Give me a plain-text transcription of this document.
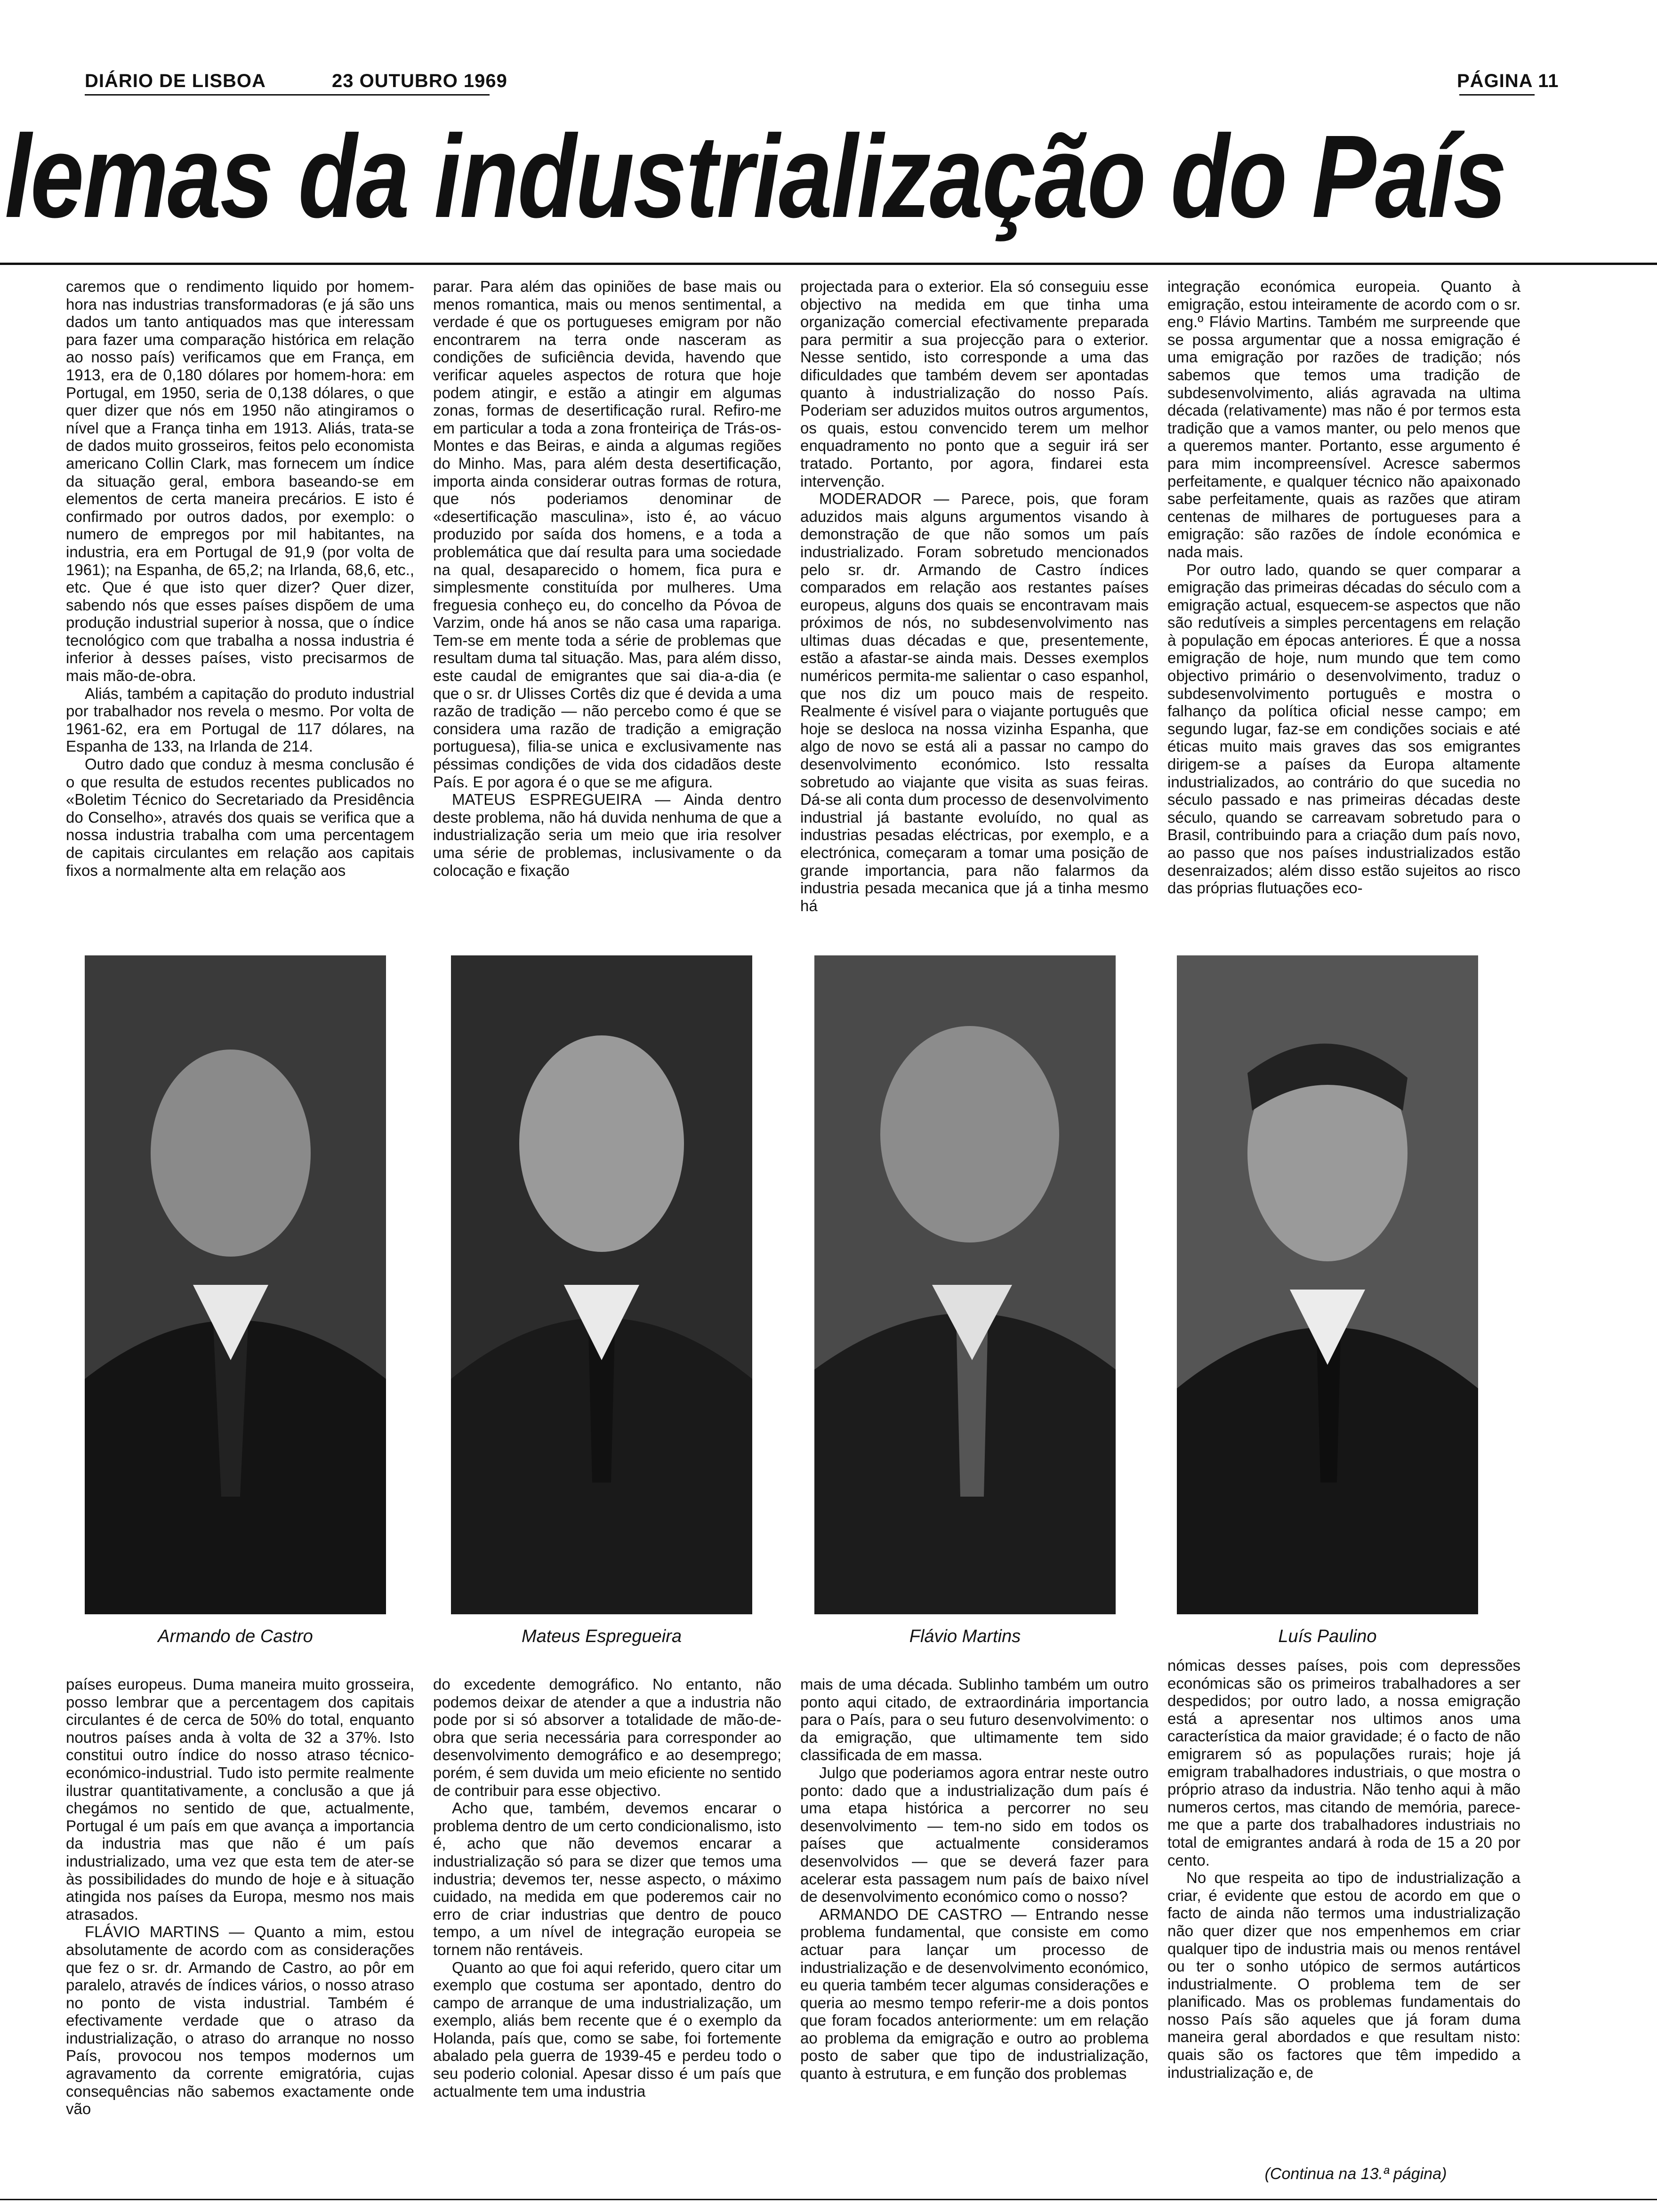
DIÁRIO DE LISBOA	23 OUTUBRO 1969	PÁGINA 11
lemas da industrialização do País

caremos que o rendimento liquido por homem-hora nas industrias transformadoras (e já são uns dados um tanto antiquados mas que interessam para fazer uma comparação histórica em relação ao nosso país) verificamos que em França, em 1913, era de 0,180 dólares por homem-hora: em Portugal, em 1950, seria de 0,138 dólares, o que quer dizer que nós em 1950 não atingiramos o nível que a França tinha em 1913. Aliás, trata-se de dados muito grosseiros, feitos pelo economista americano Collin Clark, mas fornecem um índice da situação geral, embora baseando-se em elementos de certa maneira precários. E isto é confirmado por outros dados, por exemplo: o numero de empregos por mil habitantes, na industria, era em Portugal de 91,9 (por volta de 1961); na Espanha, de 65,2; na Irlanda, 68,6, etc., etc. Que é que isto quer dizer? Quer dizer, sabendo nós que esses países dispõem de uma produção industrial superior à nossa, que o índice tecnológico com que trabalha a nossa industria é inferior à desses países, visto precisarmos de mais mão-de-obra.

Aliás, também a capitação do produto industrial por trabalhador nos revela o mesmo. Por volta de 1961-62, era em Portugal de 117 dólares, na Espanha de 133, na Irlanda de 214.

Outro dado que conduz à mesma conclusão é o que resulta de estudos recentes publicados no «Boletim Técnico do Secretariado da Presidência do Conselho», através dos quais se verifica que a nossa industria trabalha com uma percentagem de capitais circulantes em relação aos capitais fixos a normalmente alta em relação aos

parar. Para além das opiniões de base mais ou menos romantica, mais ou menos sentimental, a verdade é que os portugueses emigram por não encontrarem na terra onde nasceram as condições de suficiência devida, havendo que verificar aqueles aspectos de rotura que hoje podem atingir, e estão a atingir em algumas zonas, formas de desertificação rural. Refiro-me em particular a toda a zona fronteiriça de Trás-os-Montes e das Beiras, e ainda a algumas regiões do Minho. Mas, para além desta desertificação, importa ainda considerar outras formas de rotura, que nós poderiamos denominar de «desertificação masculina», isto é, ao vácuo produzido por saída dos homens, e a toda a problemática que daí resulta para uma sociedade na qual, desaparecido o homem, fica pura e simplesmente constituída por mulheres. Uma freguesia conheço eu, do concelho da Póvoa de Varzim, onde há anos se não casa uma rapariga. Tem-se em mente toda a série de problemas que resultam duma tal situação. Mas, para além disso, este caudal de emigrantes que sai dia-a-dia (e que o sr. dr Ulisses Cortês diz que é devida a uma razão de tradição — não percebo como é que se considera uma razão de tradição a emigração portuguesa), filia-se unica e exclusivamente nas péssimas condições de vida dos cidadãos deste País. E por agora é o que se me afigura.

MATEUS ESPREGUEIRA — Ainda dentro deste problema, não há duvida nenhuma de que a industrialização seria um meio que iria resolver uma série de problemas, inclusivamente o da colocação e fixação

projectada para o exterior. Ela só conseguiu esse objectivo na medida em que tinha uma organização comercial efectivamente preparada para permitir a sua projecção para o exterior. Nesse sentido, isto corresponde a uma das dificuldades que também devem ser apontadas quanto à industrialização do nosso País. Poderiam ser aduzidos muitos outros argumentos, os quais, estou convencido terem um melhor enquadramento no ponto que a seguir irá ser tratado. Portanto, por agora, findarei esta intervenção.

MODERADOR — Parece, pois, que foram aduzidos mais alguns argumentos visando à demonstração de que não somos um país industrializado. Foram sobretudo mencionados pelo sr. dr. Armando de Castro índices comparados em relação aos restantes países europeus, alguns dos quais se encontravam mais próximos de nós, no subdesenvolvimento nas ultimas duas décadas e que, presentemente, estão a afastar-se ainda mais. Desses exemplos numéricos permita-me salientar o caso espanhol, que nos diz um pouco mais de respeito. Realmente é visível para o viajante português que hoje se desloca na nossa vizinha Espanha, que algo de novo se está ali a passar no campo do desenvolvimento económico. Isto ressalta sobretudo ao viajante que visita as suas feiras. Dá-se ali conta dum processo de desenvolvimento industrial já bastante evoluído, no qual as industrias pesadas eléctricas, por exemplo, e a electrónica, começaram a tomar uma posição de grande importancia, para não falarmos da industria pesada mecanica que já a tinha mesmo há

integração económica europeia. Quanto à emigração, estou inteiramente de acordo com o sr. eng.º Flávio Martins. Também me surpreende que se possa argumentar que a nossa emigração é uma emigração por razões de tradição; nós sabemos que temos uma tradição de subdesenvolvimento, aliás agravada na ultima década (relativamente) mas não é por termos esta tradição que a vamos manter, ou pelo menos que a queremos manter. Portanto, esse argumento é para mim incompreensível. Acresce sabermos perfeitamente, e qualquer técnico não apaixonado sabe perfeitamente, quais as razões que atiram centenas de milhares de portugueses para a emigração: são razões de índole económica e nada mais.

Por outro lado, quando se quer comparar a emigração das primeiras décadas do século com a emigração actual, esquecem-se aspectos que não são redutíveis a simples percentagens em relação à população em épocas anteriores. É que a nossa emigração de hoje, num mundo que tem como objectivo primário o desenvolvimento, traduz o subdesenvolvimento português e mostra o falhanço da política oficial nesse campo; em segundo lugar, faz-se em condições sociais e até éticas muito mais graves das sos emigrantes dirigem-se a países da Europa altamente industrializados, ao contrário do que sucedia no século passado e nas primeiras décadas deste século, quando se carreavam sobretudo para o Brasil, contribuindo para a criação dum país novo, ao passo que nos países industrializados estão desenraizados; além disso estão sujeitos ao risco das próprias flutuações eco-

Armando de Castro	Mateus Espregueira	Flávio Martins	Luís Paulino

países europeus. Duma maneira muito grosseira, posso lembrar que a percentagem dos capitais circulantes é de cerca de 50% do total, enquanto noutros países anda à volta de 32 a 37%. Isto constitui outro índice do nosso atraso técnico-económico-industrial. Tudo isto permite realmente ilustrar quantitativamente, a conclusão a que já chegámos no sentido de que, actualmente, Portugal é um país em que avança a importancia da industria mas que não é um país industrializado, uma vez que esta tem de ater-se às possibilidades do mundo de hoje e à situação atingida nos países da Europa, mesmo nos mais atrasados.

FLÁVIO MARTINS — Quanto a mim, estou absolutamente de acordo com as considerações que fez o sr. dr. Armando de Castro, ao pôr em paralelo, através de índices vários, o nosso atraso no ponto de vista industrial. Também é efectivamente verdade que o atraso da industrialização, o atraso do arranque no nosso País, provocou nos tempos modernos um agravamento da corrente emigratória, cujas consequências não sabemos exactamente onde vão

do excedente demográfico. No entanto, não podemos deixar de atender a que a industria não pode por si só absorver a totalidade de mão-de-obra que seria necessária para corresponder ao desenvolvimento demográfico e ao desemprego; porém, é sem duvida um meio eficiente no sentido de contribuir para esse objectivo.

Acho que, também, devemos encarar o problema dentro de um certo condicionalismo, isto é, acho que não devemos encarar a industrialização só para se dizer que temos uma industria; devemos ter, nesse aspecto, o máximo cuidado, na medida em que poderemos cair no erro de criar industrias que dentro de pouco tempo, a um nível de integração europeia se tornem não rentáveis.

Quanto ao que foi aqui referido, quero citar um exemplo que costuma ser apontado, dentro do campo de arranque de uma industrialização, um exemplo, aliás bem recente que é o exemplo da Holanda, país que, como se sabe, foi fortemente abalado pela guerra de 1939-45 e perdeu todo o seu poderio colonial. Apesar disso é um país que actualmente tem uma industria

mais de uma década. Sublinho também um outro ponto aqui citado, de extraordinária importancia para o País, para o seu futuro desenvolvimento: o da emigração, que ultimamente tem sido classificada de em massa.

Julgo que poderiamos agora entrar neste outro ponto: dado que a industrialização dum país é uma etapa histórica a percorrer no seu desenvolvimento — tem-no sido em todos os países que actualmente consideramos desenvolvidos — que se deverá fazer para acelerar esta passagem num país de baixo nível de desenvolvimento económico como o nosso?

ARMANDO DE CASTRO — Entrando nesse problema fundamental, que consiste em como actuar para lançar um processo de industrialização e de desenvolvimento económico, eu queria também tecer algumas considerações e queria ao mesmo tempo referir-me a dois pontos que foram focados anteriormente: um em relação ao problema da emigração e outro ao problema posto de saber que tipo de industrialização, quanto à estrutura, e em função dos problemas

nómicas desses países, pois com depressões económicas são os primeiros trabalhadores a ser despedidos; por outro lado, a nossa emigração está a apresentar nos ultimos anos uma característica da maior gravidade; é o facto de não emigrarem só as populações rurais; hoje já emigram trabalhadores industriais, o que mostra o próprio atraso da industria. Não tenho aqui à mão numeros certos, mas citando de memória, parece-me que a parte dos trabalhadores industriais no total de emigrantes andará à roda de 15 a 20 por cento.

No que respeita ao tipo de industrialização a criar, é evidente que estou de acordo em que o facto de ainda não termos uma industrialização não quer dizer que nos empenhemos em criar qualquer tipo de industria mais ou menos rentável ou ter o sonho utópico de sermos autárticos industrialmente. O problema tem de ser planificado. Mas os problemas fundamentais do nosso País são aqueles que já foram duma maneira geral abordados e que resultam nisto: quais são os factores que têm impedido a industrialização e, de

(Continua na 13.ª página)
